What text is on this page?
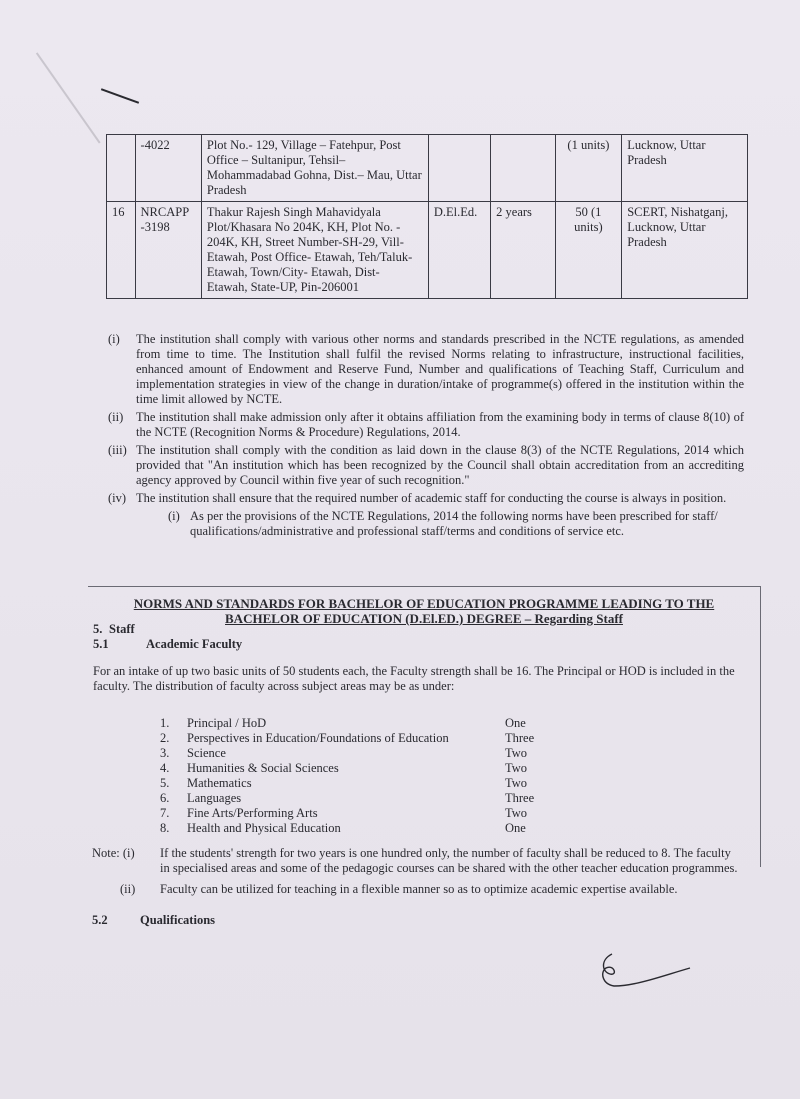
	-4022	Plot No.- 129, Village – Fatehpur, Post Office – Sultanipur, Tehsil– Mohammadabad Gohna, Dist.– Mau, Uttar Pradesh			(1 units)	Lucknow, Uttar Pradesh
16	NRCAPP -3198	Thakur Rajesh Singh Mahavidyala Plot/Khasara No 204K, KH, Plot No. - 204K, KH, Street Number-SH-29, Vill-Etawah, Post Office- Etawah, Teh/Taluk-Etawah, Town/City- Etawah, Dist- Etawah, State-UP, Pin-206001	D.El.Ed.	2 years	50 (1 units)	SCERT, Nishatganj, Lucknow, Uttar Pradesh
(i)	The institution shall comply with various other norms and standards prescribed in the NCTE regulations, as amended from time to time. The Institution shall fulfil the revised Norms relating to infrastructure, instructional facilities, enhanced amount of Endowment and Reserve Fund, Number and qualifications of Teaching Staff, Curriculum and implementation strategies in view of the change in duration/intake of programme(s) offered in the institution within the time limit allowed by NCTE.
(ii)	The institution shall make admission only after it obtains affiliation from the examining body in terms of clause 8(10) of the NCTE (Recognition Norms & Procedure) Regulations, 2014.
(iii) The institution shall comply with the condition as laid down in the clause 8(3) of the NCTE Regulations, 2014 which provided that "An institution which has been recognized by the Council shall obtain accreditation from an accrediting agency approved by Council within five year of such recognition."
(iv) The institution shall ensure that the required number of academic staff for conducting the course is always in position.
(i) As per the provisions of the NCTE Regulations, 2014 the following norms have been prescribed for staff/ qualifications/administrative and professional staff/terms and conditions of service etc.
NORMS AND STANDARDS FOR BACHELOR OF EDUCATION PROGRAMME LEADING TO THE
BACHELOR OF EDUCATION (D.El.ED.) DEGREE – Regarding Staff
5. Staff
5.1	Academic Faculty
For an intake of up two basic units of 50 students each, the Faculty strength shall be 16. The Principal or HOD is included in the faculty. The distribution of faculty across subject areas may be as under:
1.	Principal / HoD	One
2.	Perspectives in Education/Foundations of Education	Three
3.	Science	Two
4.	Humanities & Social Sciences	Two
5.	Mathematics	Two
6.	Languages	Three
7.	Fine Arts/Performing Arts	Two
8.	Health and Physical Education	One
Note: (i)	If the students' strength for two years is one hundred only, the number of faculty shall be reduced to 8. The faculty in specialised areas and some of the pedagogic courses can be shared with the other teacher education programmes.
(ii)	Faculty can be utilized for teaching in a flexible manner so as to optimize academic expertise available.
5.2	Qualifications
